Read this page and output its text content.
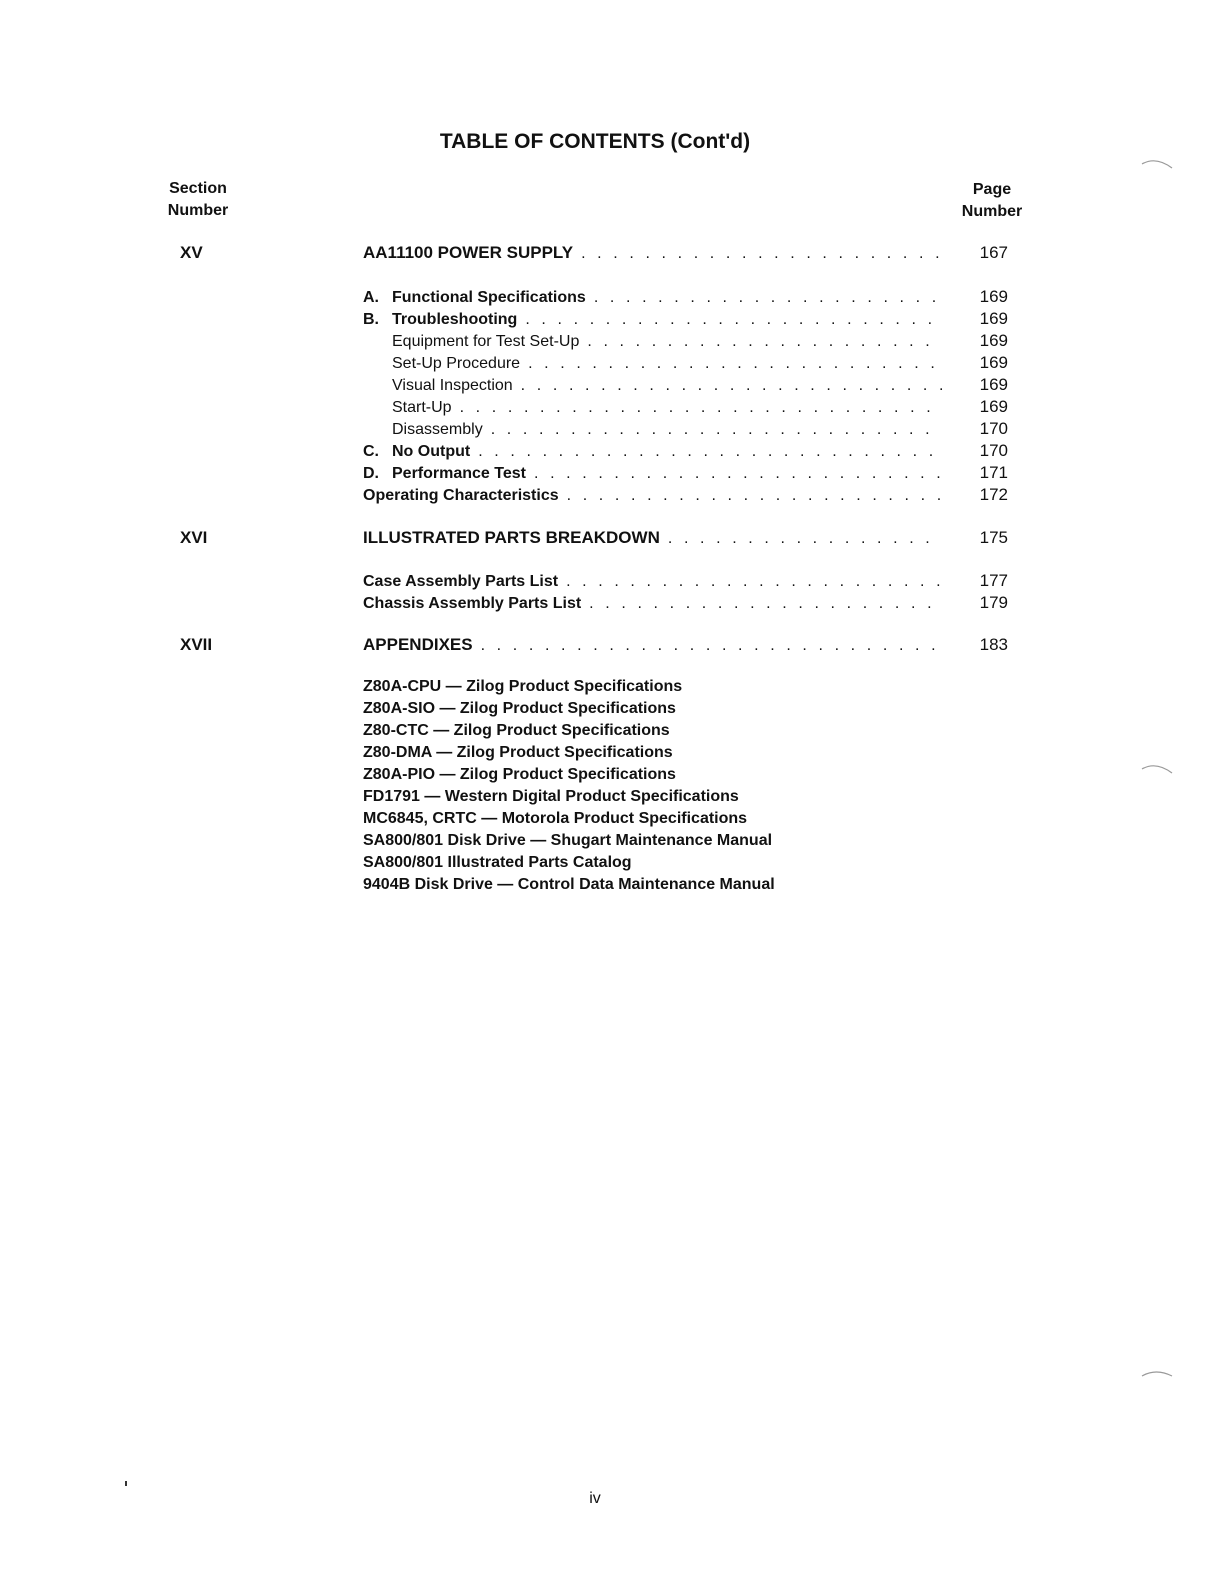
TABLE OF CONTENTS (Cont'd)
Section
Number
Page
Number
XV	AA11100 POWER SUPPLY . . .	167
A. Functional Specifications . . .	169
B. Troubleshooting . . .	169
Equipment for Test Set-Up . . .	169
Set-Up Procedure . . .	169
Visual Inspection . . .	169
Start-Up . . .	169
Disassembly . . .	170
C. No Output . . .	170
D. Performance Test . . .	171
Operating Characteristics . . .	172
XVI	ILLUSTRATED PARTS BREAKDOWN . . .	175
Case Assembly Parts List . . .	177
Chassis Assembly Parts List . . .	179
XVII	APPENDIXES . . .	183
Z80A-CPU — Zilog Product Specifications
Z80A-SIO — Zilog Product Specifications
Z80-CTC — Zilog Product Specifications
Z80-DMA — Zilog Product Specifications
Z80A-PIO — Zilog Product Specifications
FD1791 — Western Digital Product Specifications
MC6845, CRTC — Motorola Product Specifications
SA800/801 Disk Drive — Shugart Maintenance Manual
SA800/801 Illustrated Parts Catalog
9404B Disk Drive — Control Data Maintenance Manual
iv
